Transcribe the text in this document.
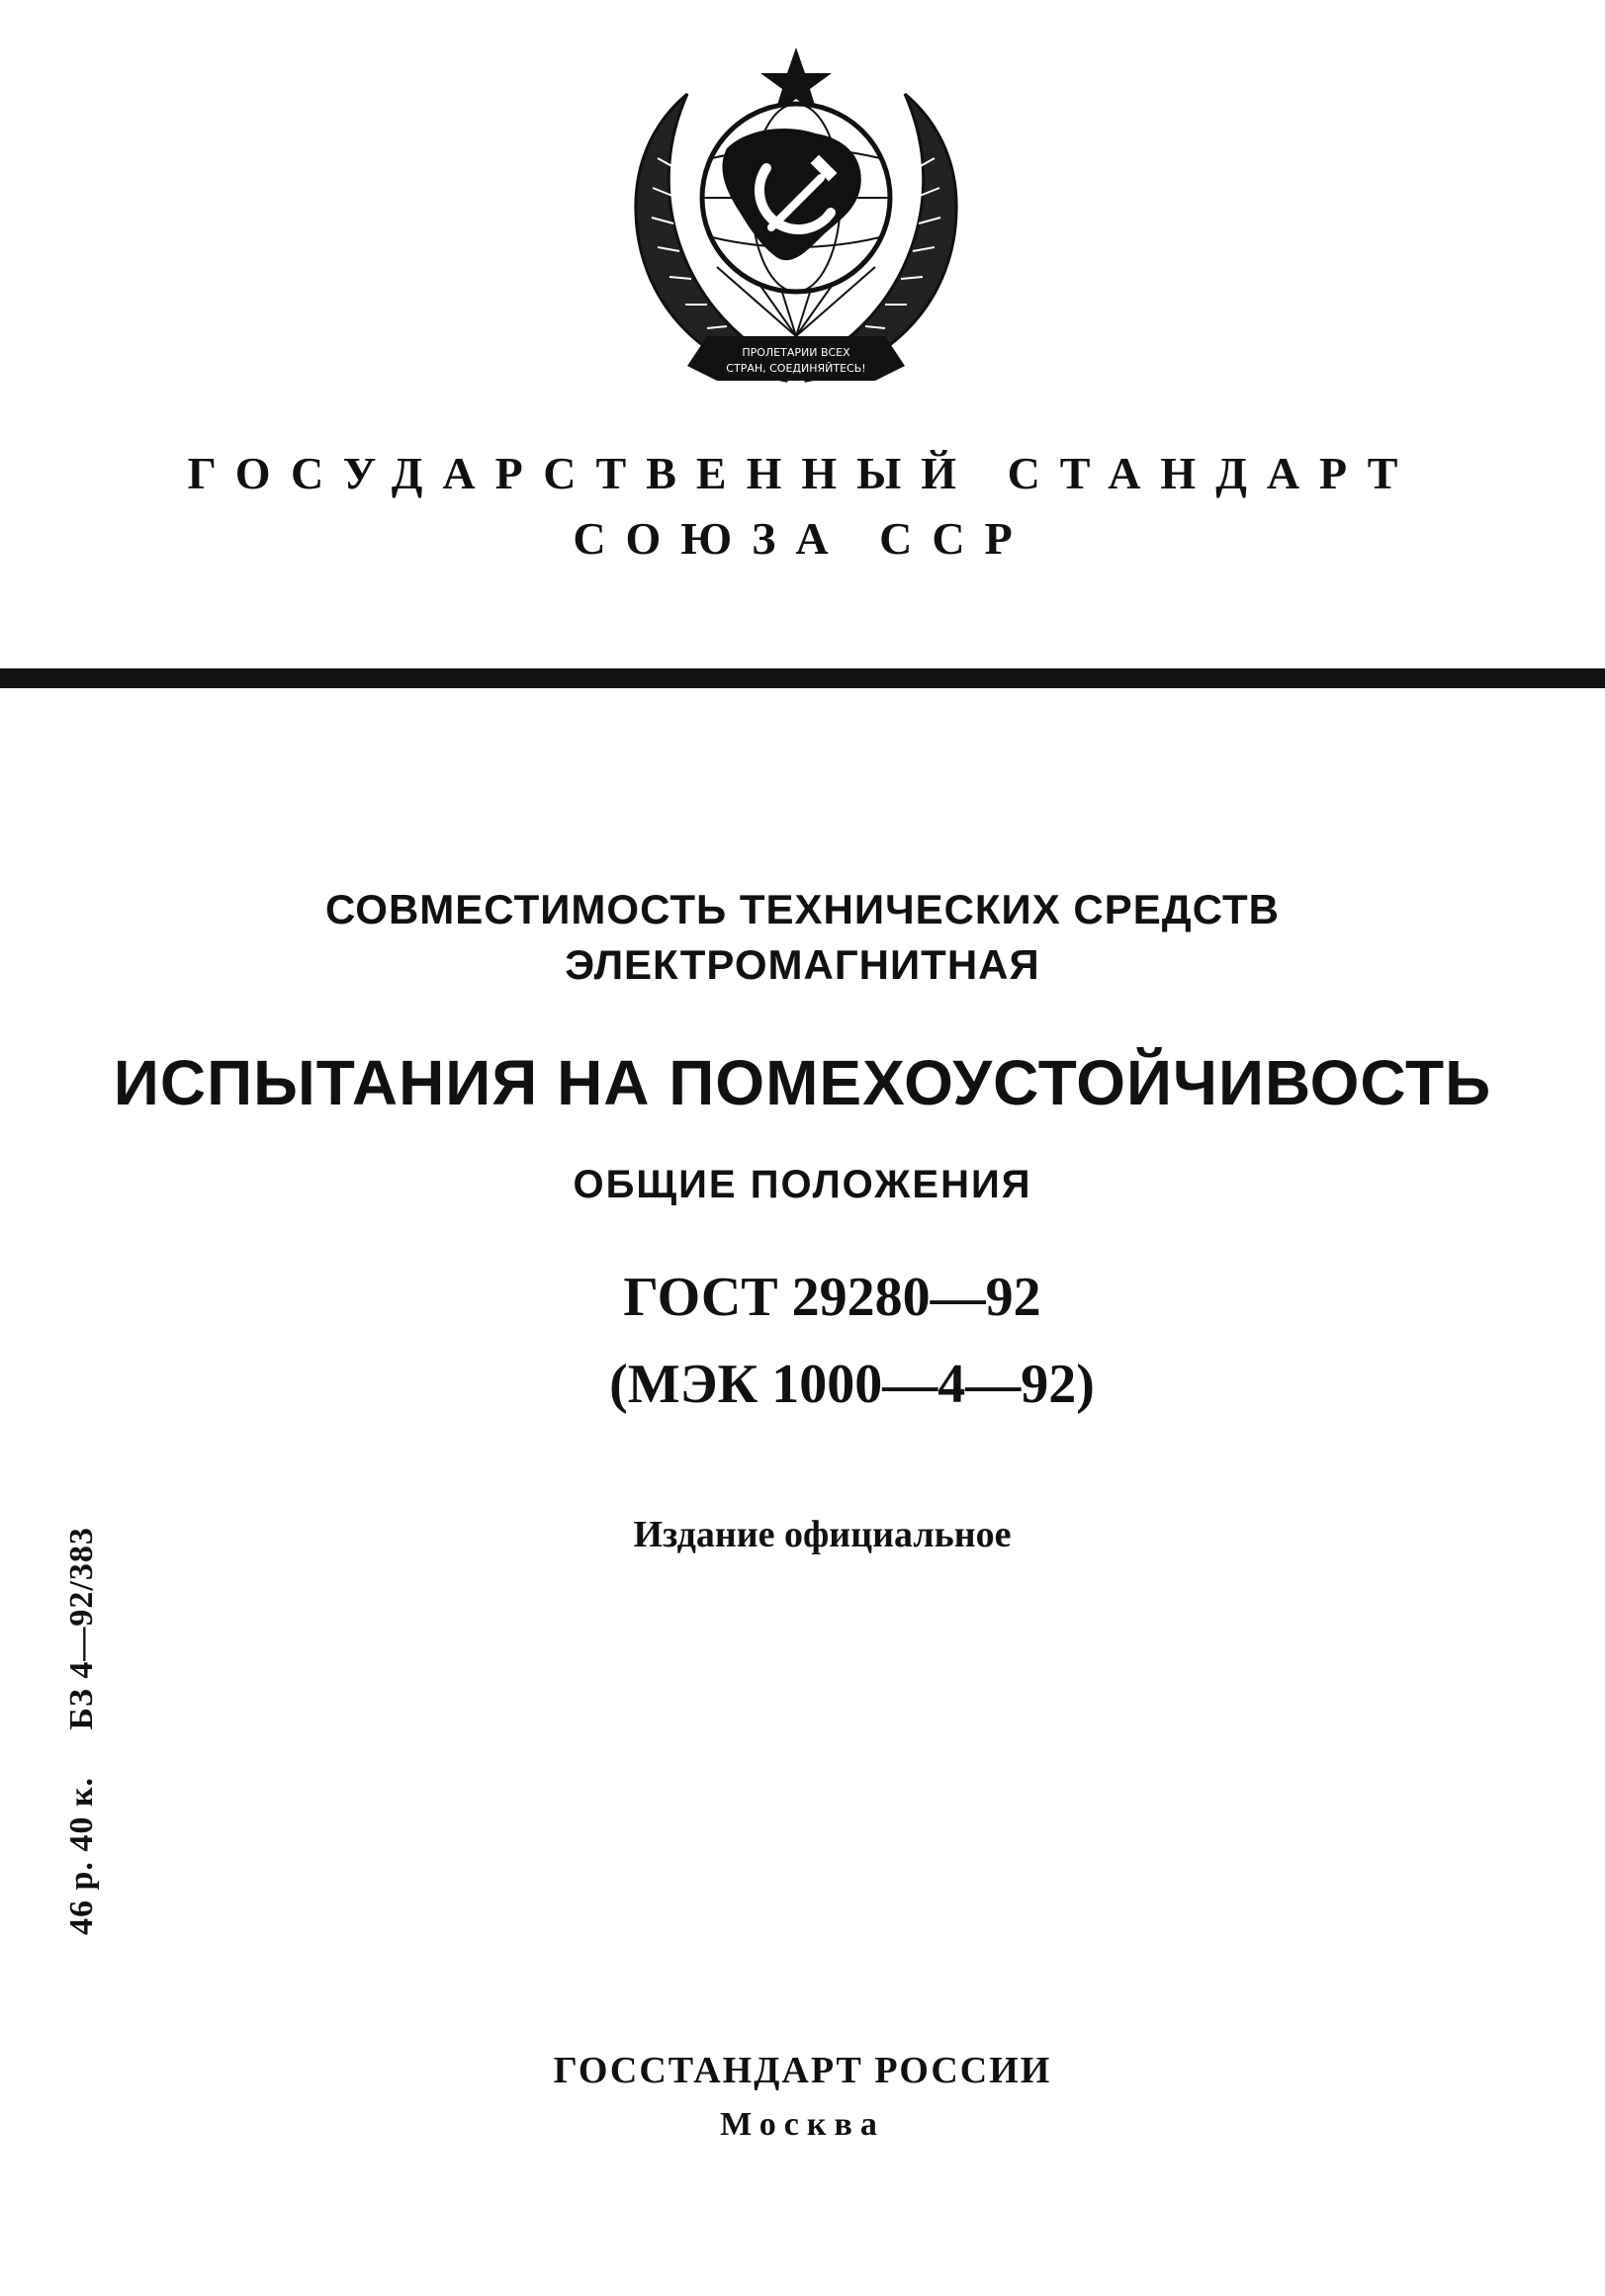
ПРОЛЕТАРИИ ВСЕХ
СТРАН, СОЕДИНЯЙТЕСЬ!
ГОСУДАРСТВЕННЫЙ СТАНДАРТ
СОЮЗА ССР
СОВМЕСТИМОСТЬ ТЕХНИЧЕСКИХ СРЕДСТВ
ЭЛЕКТРОМАГНИТНАЯ
ИСПЫТАНИЯ НА ПОМЕХОУСТОЙЧИВОСТЬ
ОБЩИЕ ПОЛОЖЕНИЯ
ГОСТ 29280—92
(МЭК 1000—4—92)
Издание официальное
46 р. 40 к.     БЗ 4—92/383
ГОССТАНДАРТ РОССИИ
Москва
